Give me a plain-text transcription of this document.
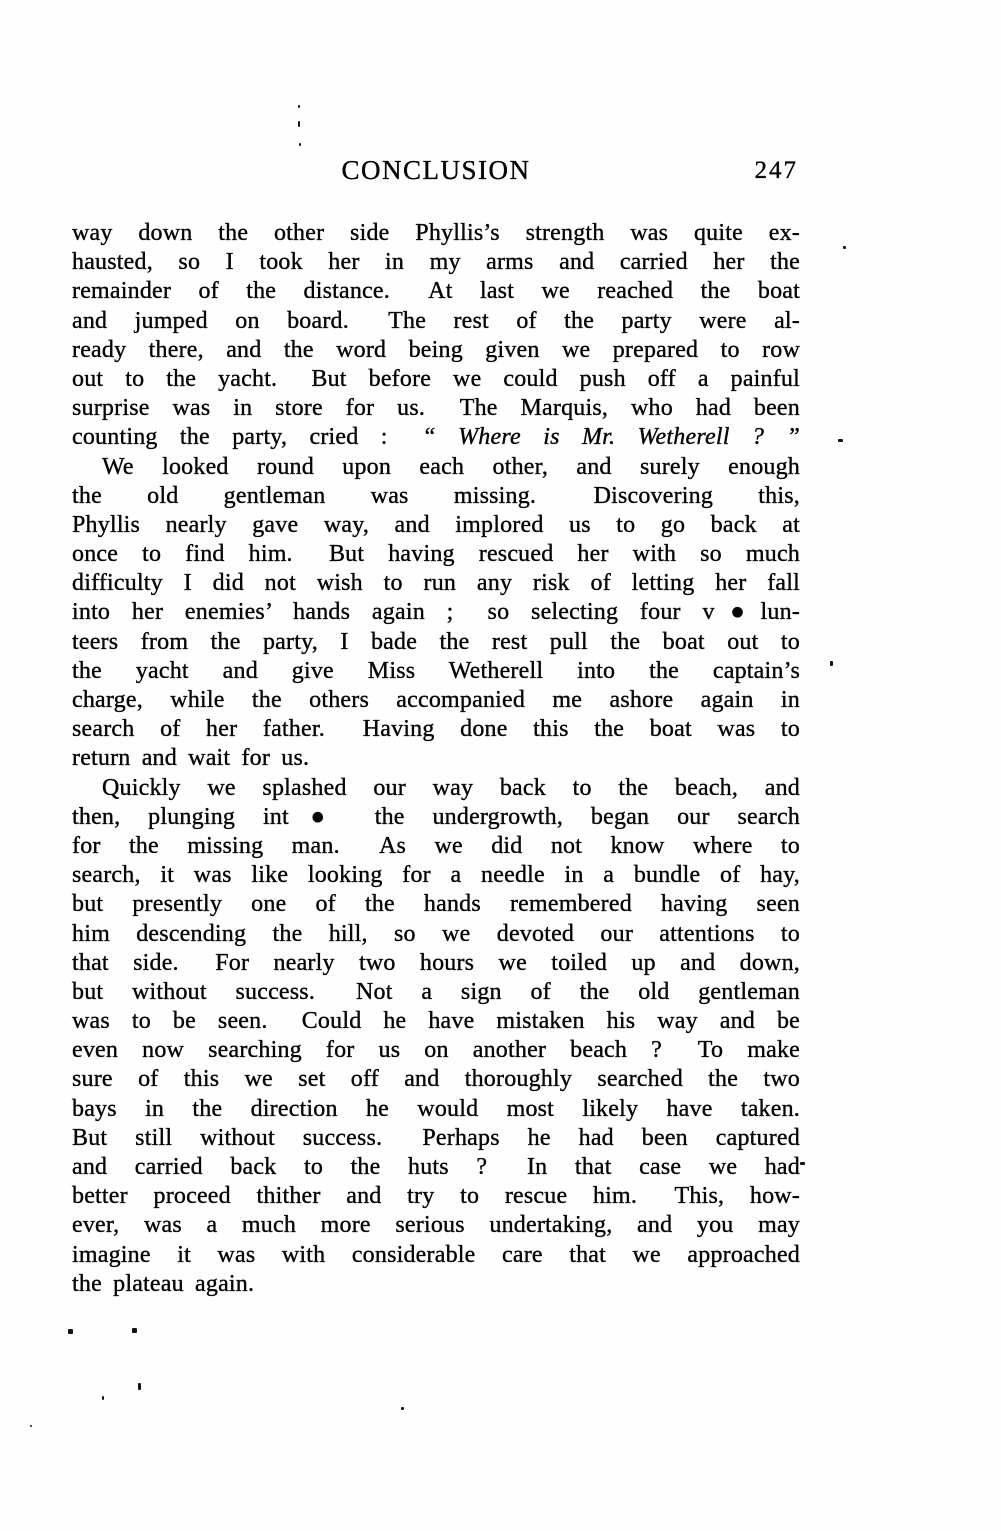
CONCLUSION	247
way down the other side Phyllis’s strength was quite ex-
hausted, so I took her in my arms and carried her the
remainder of the distance.  At last we reached the boat
and jumped on board.  The rest of the party were al-
ready there, and the word being given we prepared to row
out to the yacht.  But before we could push off a painful
surprise was in store for us.  The Marquis, who had been
counting the party, cried :  “ Where is Mr. Wetherell ? ”
We looked round upon each other, and surely enough
the old gentleman was missing.  Discovering this,
Phyllis nearly gave way, and implored us to go back at
once to find him.  But having rescued her with so much
difficulty I did not wish to run any risk of letting her fall
into her enemies’ hands again ;  so selecting four v●lun-
teers from the party, I bade the rest pull the boat out to
the yacht and give Miss Wetherell into the captain’s
charge, while the others accompanied me ashore again in
search of her father.  Having done this the boat was to
return and wait for us.
Quickly we splashed our way back to the beach, and
then, plunging int● the undergrowth, began our search
for the missing man.  As we did not know where to
search, it was like looking for a needle in a bundle of hay,
but presently one of the hands remembered having seen
him descending the hill, so we devoted our attentions to
that side.  For nearly two hours we toiled up and down,
but without success.  Not a sign of the old gentleman
was to be seen.  Could he have mistaken his way and be
even now searching for us on another beach ?  To make
sure of this we set off and thoroughly searched the two
bays in the direction he would most likely have taken.
But still without success.  Perhaps he had been captured
and carried back to the huts ?  In that case we had
better proceed thither and try to rescue him.  This, how-
ever, was a much more serious undertaking, and you may
imagine it was with considerable care that we approached
the plateau again.
